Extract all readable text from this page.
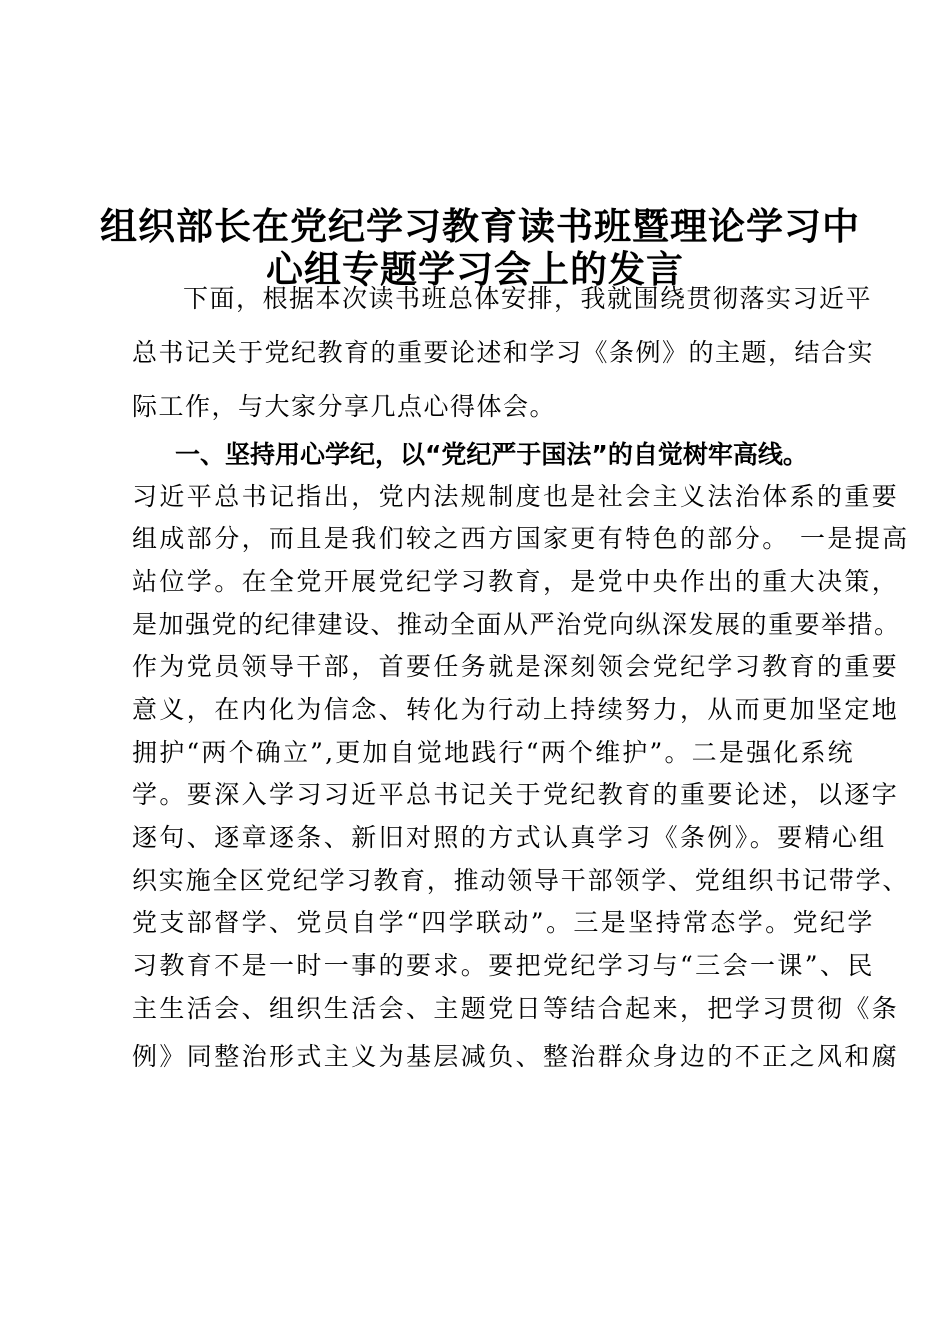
组织部长在党纪学习教育读书班暨理论学习中
心组专题学习会上的发言
下面，根据本次读书班总体安排，我就围绕贯彻落实习近平
总书记关于党纪教育的重要论述和学习《条例》的主题，结合实
际工作，与大家分享几点心得体会。
一、坚持用心学纪，以“党纪严于国法”的自觉树牢高线。
习近平总书记指出，党内法规制度也是社会主义法治体系的重要
组成部分，而且是我们较之西方国家更有特色的部分。 一是提高
站位学。在全党开展党纪学习教育，是党中央作出的重大决策，
是加强党的纪律建设、推动全面从严治党向纵深发展的重要举措。
作为党员领导干部，首要任务就是深刻领会党纪学习教育的重要
意义，在内化为信念、转化为行动上持续努力，从而更加坚定地
拥护“两个确立”,更加自觉地践行“两个维护”。二是强化系统
学。要深入学习习近平总书记关于党纪教育的重要论述，以逐字
逐句、逐章逐条、新旧对照的方式认真学习《条例》。要精心组
织实施全区党纪学习教育，推动领导干部领学、党组织书记带学、
党支部督学、党员自学“四学联动”。三是坚持常态学。党纪学
习教育不是一时一事的要求。要把党纪学习与“三会一课”、民
主生活会、组织生活会、主题党日等结合起来，把学习贯彻《条
例》同整治形式主义为基层减负、整治群众身边的不正之风和腐
